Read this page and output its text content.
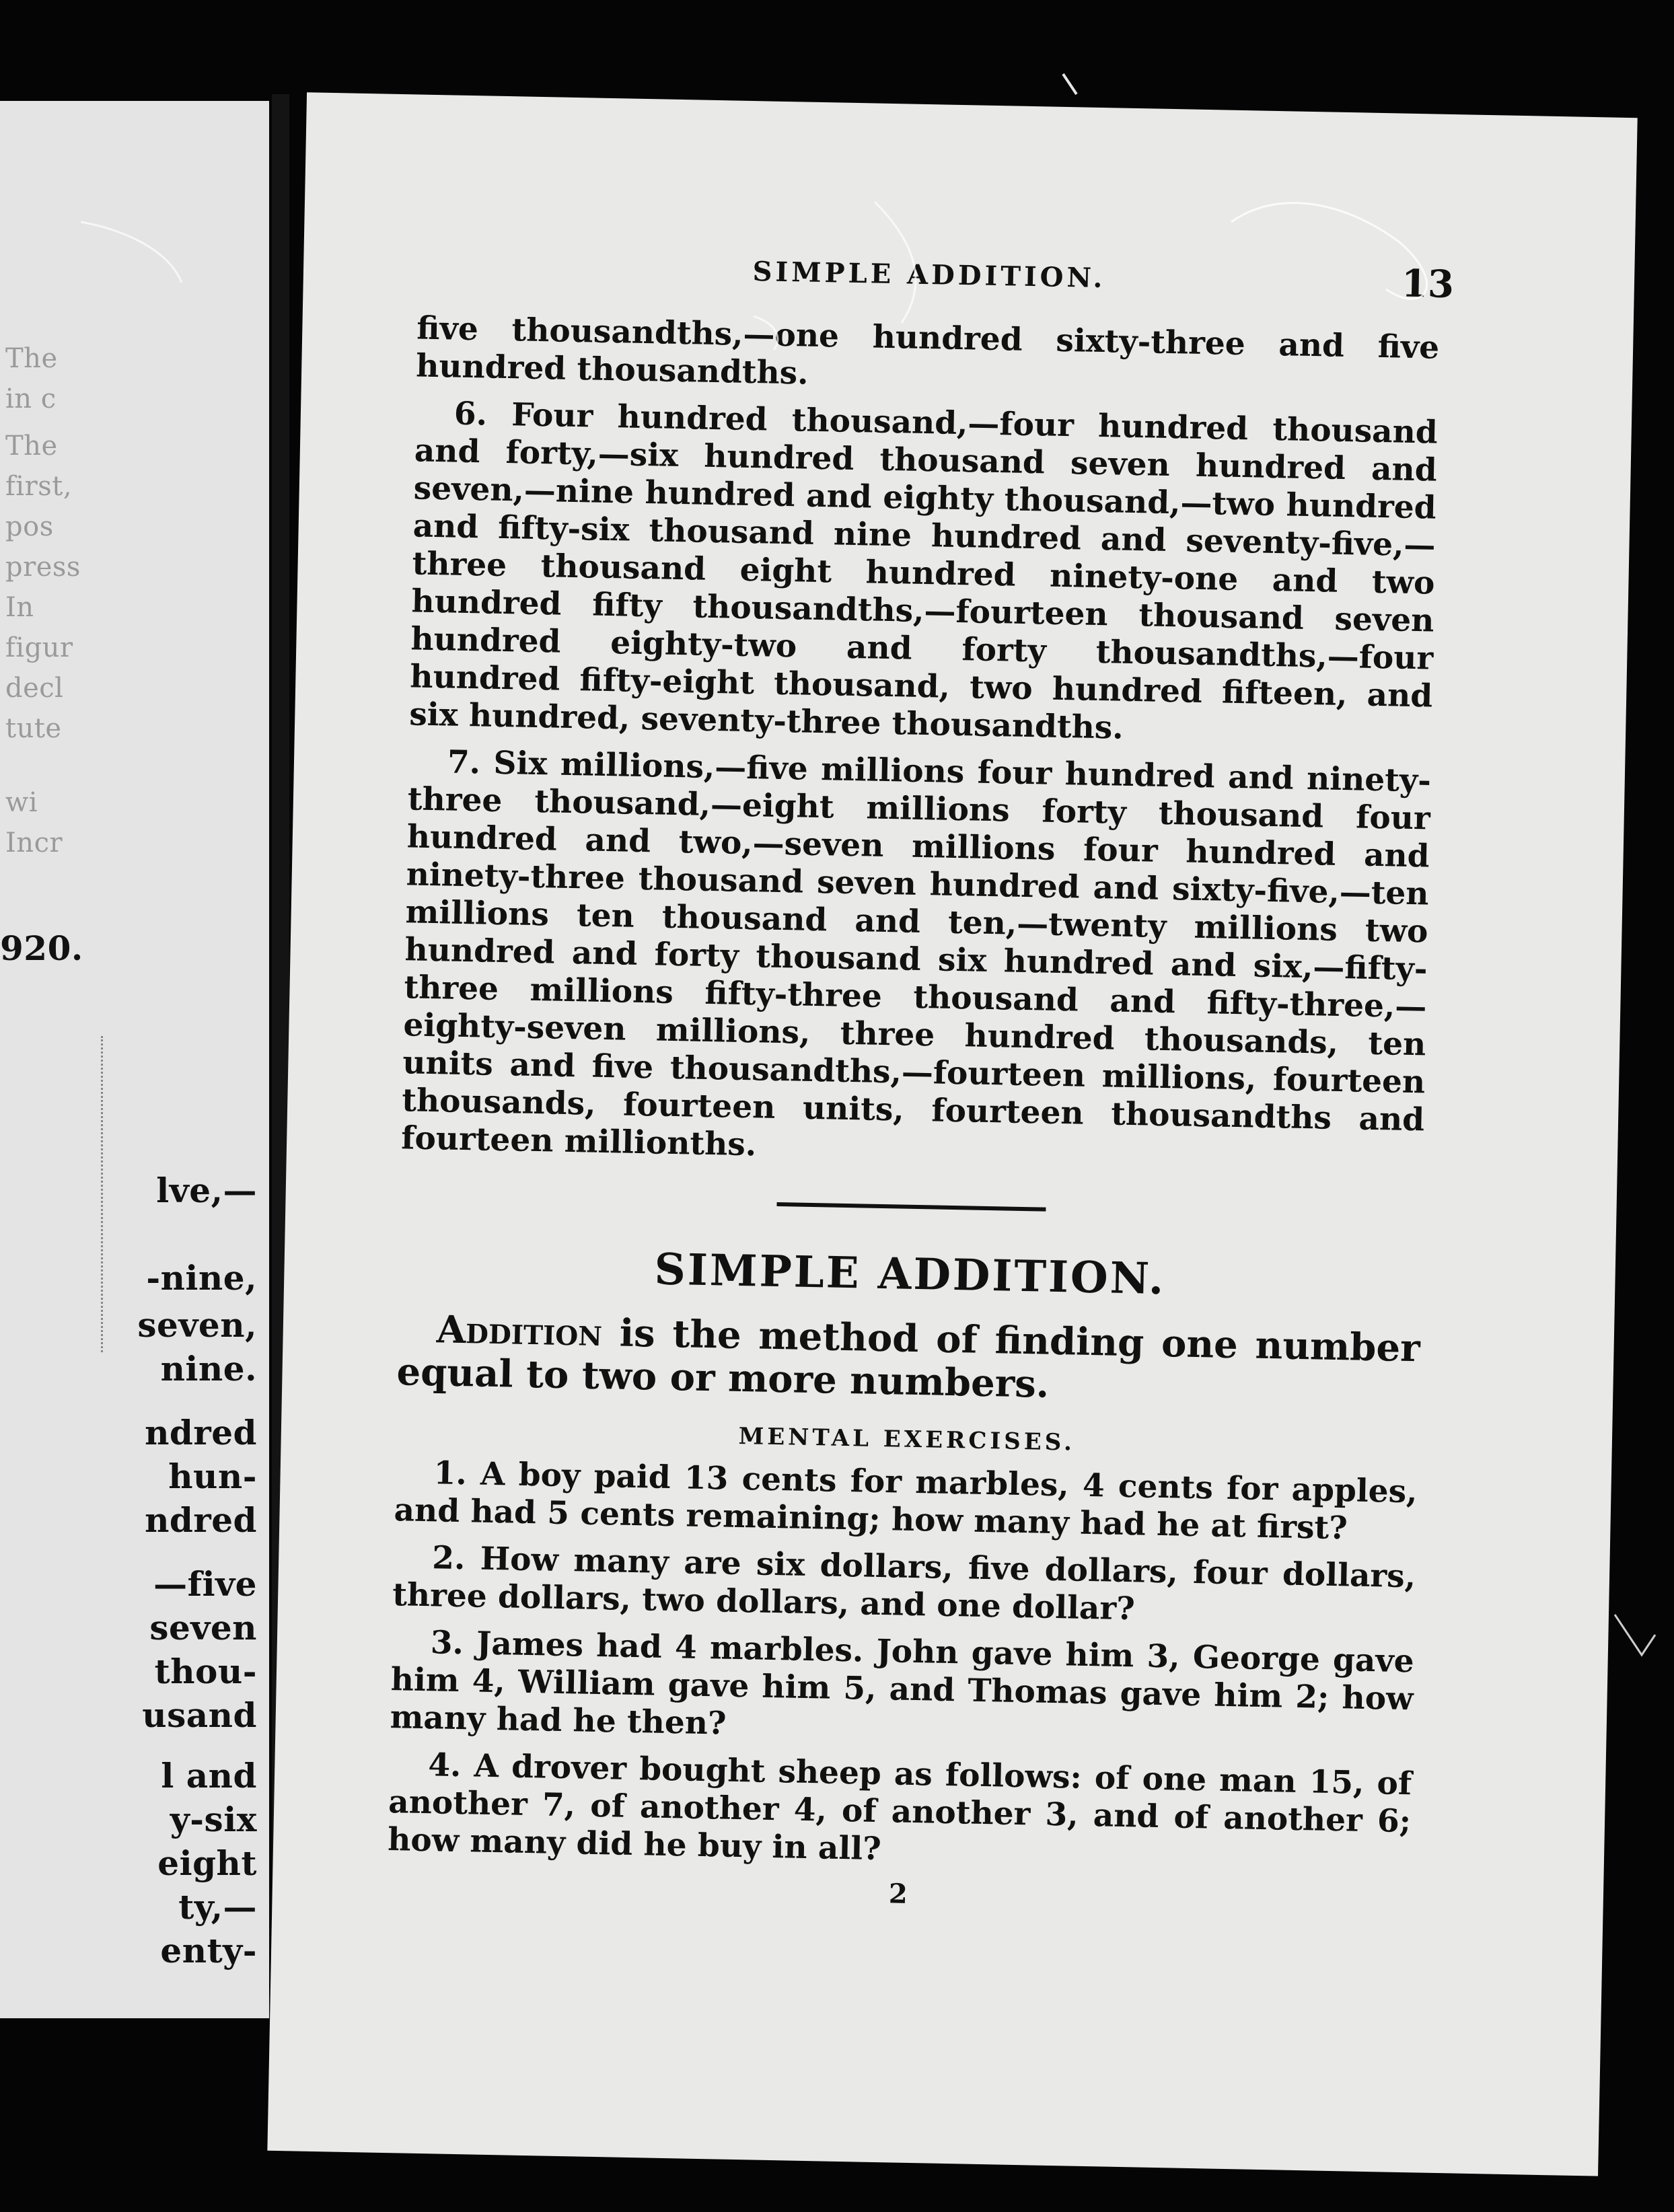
The
in c
The
first,
pos
press
In
figur
decl
tute
wi
Incr
920.
lve,—
-nine,
seven,
nine.
ndred
hun-
ndred
—five
seven
thou-
usand
l and
y-six
eight
ty,—
enty-
SIMPLE ADDITION.	13

five thousandths,—one hundred sixty-three and five hundred thousandths.

6. Four hundred thousand,—four hundred thousand and forty,—six hundred thousand seven hundred and seven,—nine hundred and eighty thousand,—two hundred and fifty-six thousand nine hundred and seventy-five,—three thousand eight hundred ninety-one and two hundred fifty thousandths,—fourteen thousand seven hundred eighty-two and forty thousandths,—four hundred fifty-eight thousand, two hundred fifteen, and six hundred, seventy-three thousandths.

7. Six millions,—five millions four hundred and ninety-three thousand,—eight millions forty thousand four hundred and two,—seven millions four hundred and ninety-three thousand seven hundred and sixty-five,—ten millions ten thousand and ten,—twenty millions two hundred and forty thousand six hundred and six,—fifty-three millions fifty-three thousand and fifty-three,—eighty-seven millions, three hundred thousands, ten units and five thousandths,—fourteen millions, fourteen thousands, fourteen units, fourteen thousandths and fourteen millionths.

SIMPLE ADDITION.

Addition is the method of finding one number equal to two or more numbers.

MENTAL EXERCISES.

1. A boy paid 13 cents for marbles, 4 cents for apples, and had 5 cents remaining; how many had he at first?

2. How many are six dollars, five dollars, four dollars, three dollars, two dollars, and one dollar?

3. James had 4 marbles. John gave him 3, George gave him 4, William gave him 5, and Thomas gave him 2; how many had he then?

4. A drover bought sheep as follows: of one man 15, of another 7, of another 4, of another 3, and of another 6; how many did he buy in all?

2
